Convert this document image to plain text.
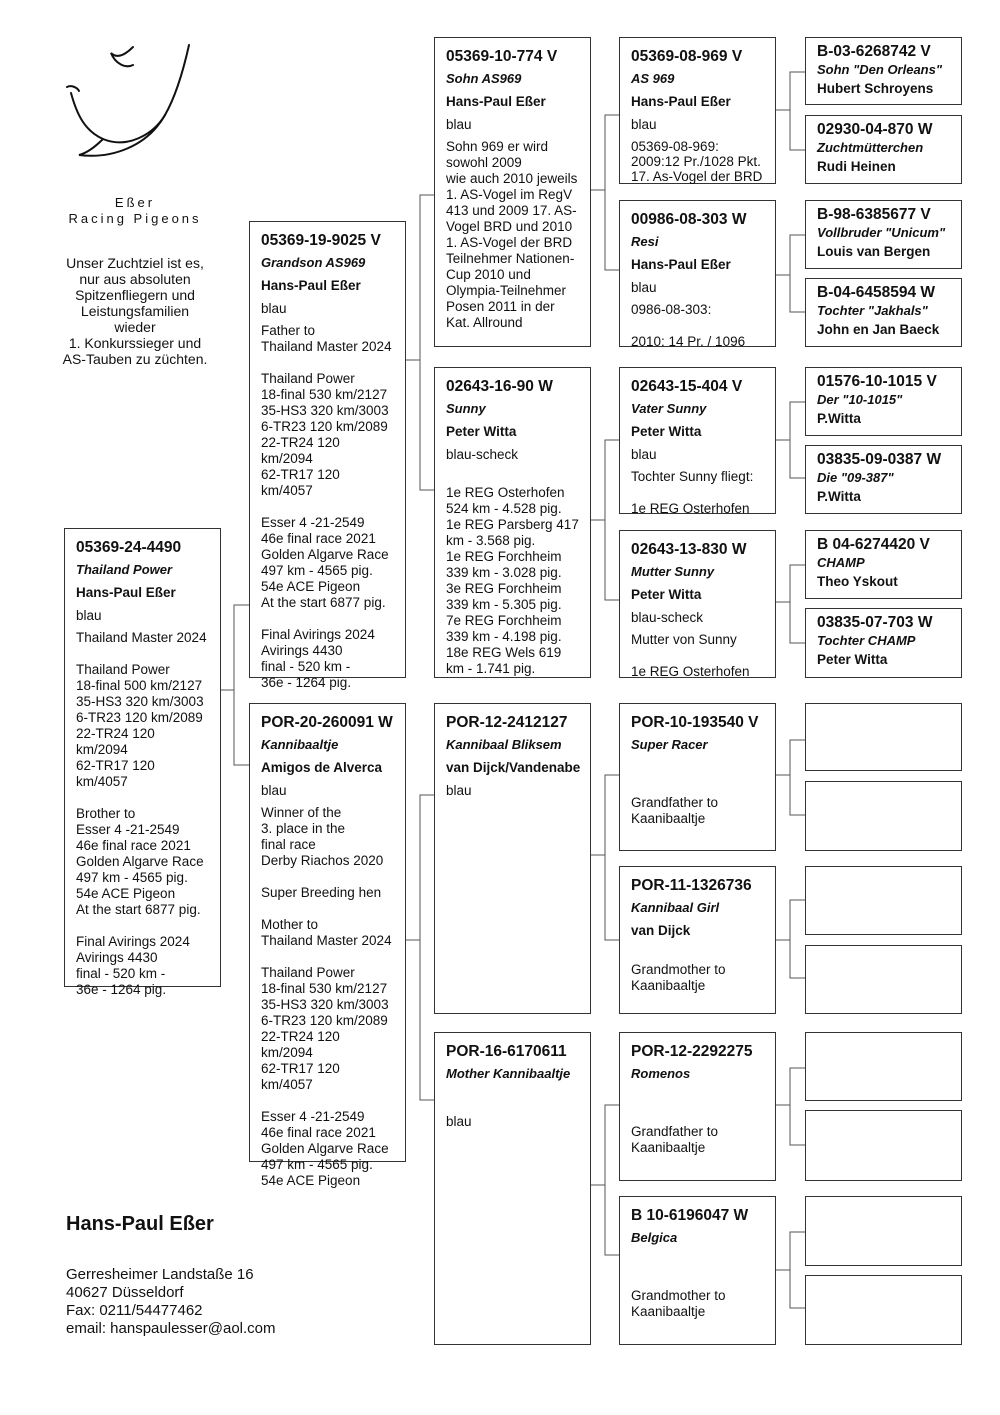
Eßer
Racing Pigeons
Unser Zuchtziel ist es,
nur aus absoluten
Spitzenfliegern und
Leistungsfamilien
wieder
1. Konkurssieger und
AS-Tauben zu züchten.
05369-24-4490
Thailand Power
Hans-Paul Eßer
blau
Thailand Master 2024

Thailand Power
18-final 500 km/2127
35-HS3 320 km/3003
6-TR23 120 km/2089
22-TR24 120 km/2094
62-TR17 120 km/4057

Brother to
Esser 4 -21-2549
46e final race 2021
Golden Algarve Race
497 km - 4565 pig.
54e ACE Pigeon
At the start 6877 pig.

Final Avirings 2024
Avirings 4430
final - 520 km -
36e - 1264 pig.
05369-19-9025 V
Grandson AS969
Hans-Paul Eßer
blau
Father to
Thailand Master 2024

Thailand Power
18-final 530 km/2127
35-HS3 320 km/3003
6-TR23 120 km/2089
22-TR24 120 km/2094
62-TR17 120 km/4057

Esser 4 -21-2549
46e final race 2021
Golden Algarve Race
497 km - 4565 pig.
54e ACE Pigeon
At the start 6877 pig.

Final Avirings 2024
Avirings 4430
final - 520 km -
36e - 1264 pig.
POR-20-260091 W
Kannibaaltje
Amigos de Alverca
blau
Winner of the
3. place in the
final race
Derby Riachos 2020

Super Breeding hen

Mother to
Thailand Master 2024

Thailand Power
18-final 530 km/2127
35-HS3 320 km/3003
6-TR23 120 km/2089
22-TR24 120 km/2094
62-TR17 120 km/4057

Esser 4 -21-2549
46e final race 2021
Golden Algarve Race
497 km - 4565 pig.
54e ACE Pigeon
05369-10-774 V
Sohn AS969
Hans-Paul Eßer
blau
Sohn 969 er wird
sowohl 2009
wie auch 2010 jeweils
1. AS-Vogel im RegV
413 und 2009 17. AS-
Vogel BRD und 2010
1. AS-Vogel der BRD
Teilnehmer Nationen-
Cup 2010 und
Olympia-Teilnehmer
Posen 2011 in der
Kat. Allround
02643-16-90 W
Sunny
Peter Witta
blau-scheck

1e REG Osterhofen
524 km - 4.528 pig.
1e REG Parsberg 417
km - 3.568 pig.
1e REG Forchheim
339 km - 3.028 pig.
3e REG Forchheim
339 km - 5.305 pig.
7e REG Forchheim
339 km - 4.198 pig.
18e REG Wels 619
km - 1.741 pig.
POR-12-2412127
Kannibaal Bliksem
van Dijck/Vandenabe
blau
POR-16-6170611
Mother Kannibaaltje
blau
05369-08-969 V
AS 969
Hans-Paul Eßer
blau
05369-08-969:
2009:12 Pr./1028 Pkt.
17. As-Vogel der BRD
00986-08-303 W
Resi
Hans-Paul Eßer
blau
0986-08-303:

2010: 14 Pr. / 1096
02643-15-404 V
Vater Sunny
Peter Witta
blau
Tochter Sunny fliegt:

1e REG Osterhofen
02643-13-830 W
Mutter Sunny
Peter Witta
blau-scheck
Mutter von Sunny

1e REG Osterhofen
POR-10-193540 V
Super Racer
Grandfather to
Kaanibaaltje
POR-11-1326736
Kannibaal Girl
van Dijck
Grandmother to
Kaanibaaltje
POR-12-2292275
Romenos
Grandfather to
Kaanibaaltje
B 10-6196047 W
Belgica
Grandmother to
Kaanibaaltje
B-03-6268742 V
Sohn "Den Orleans"
Hubert Schroyens
02930-04-870 W
Zuchtmütterchen
Rudi Heinen
B-98-6385677 V
Vollbruder "Unicum"
Louis van Bergen
B-04-6458594 W
Tochter "Jakhals"
John en Jan Baeck
01576-10-1015 V
Der "10-1015"
P.Witta
03835-09-0387 W
Die "09-387"
P.Witta
B 04-6274420 V
CHAMP
Theo Yskout
03835-07-703 W
Tochter CHAMP
Peter Witta
Hans-Paul Eßer
Gerresheimer Landstaße 16
40627 Düsseldorf
Fax: 0211/54477462
email: hanspaulesser@aol.com
